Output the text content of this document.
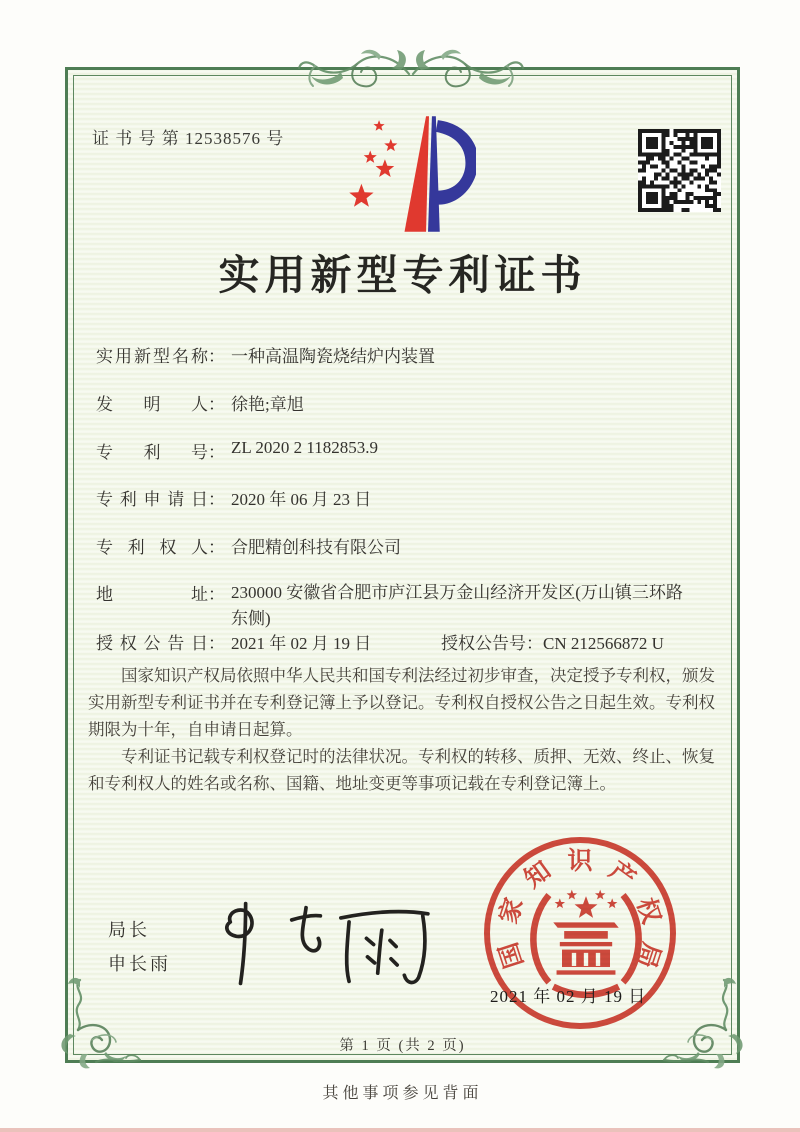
证 书 号 第 12538576 号
实用新型专利证书
实用新型名称： 一种高温陶瓷烧结炉内装置
发明人： 徐艳;章旭
专利号： ZL 2020 2 1182853.9
专利申请日： 2020 年 06 月 23 日
专利权人： 合肥精创科技有限公司
地址： 230000 安徽省合肥市庐江县万金山经济开发区(万山镇三环路东侧)
授权公告日： 2021 年 02 月 19 日	授权公告号：CN 212566872 U

国家知识产权局依照中华人民共和国专利法经过初步审查，决定授予专利权，颁发实用新型专利证书并在专利登记簿上予以登记。专利权自授权公告之日起生效。专利权期限为十年，自申请日起算。

专利证书记载专利权登记时的法律状况。专利权的转移、质押、无效、终止、恢复和专利权人的姓名或名称、国籍、地址变更等事项记载在专利登记簿上。

局长
申长雨	国
家
知 识 产
权
局
2021 年 02 月 19 日
第 1 页 (共 2 页)
其他事项参见背面
